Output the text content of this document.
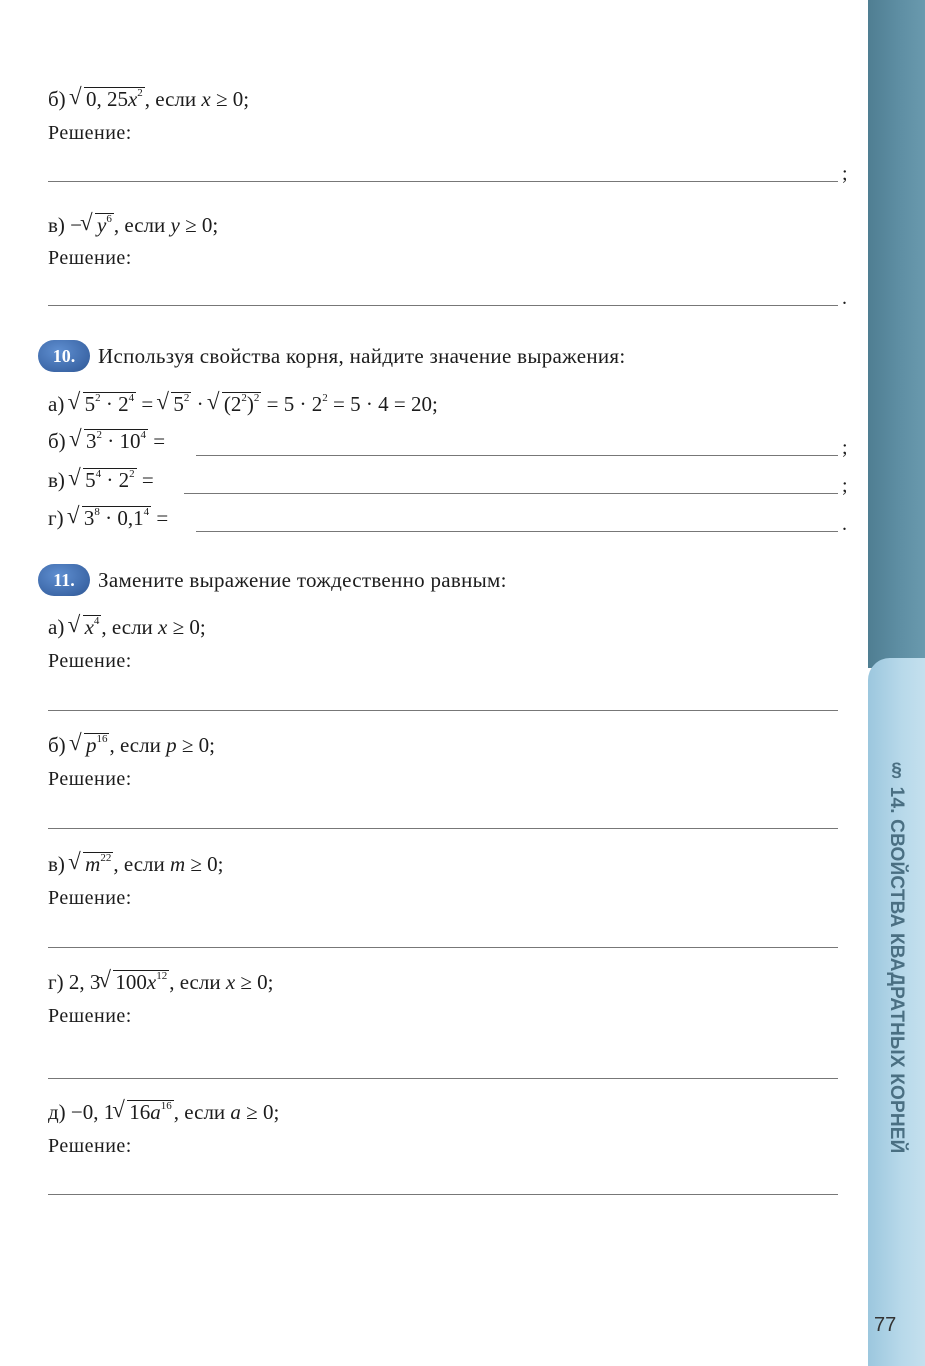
§ 14. СВОЙСТВА КВАДРАТНЫХ КОРНЕЙ
77
б) √ 0, $25x^2$, если x ≥ 0;
Решение:
;
в) − √ $y^6$, если y ≥ 0;
Решение:
.
10.	Используя свойства корня, найдите значение выражения:
а) √ $5^2 \cdot 2^4$ = √ $5^2$ · √ $(2^2)^2 = 5 \cdot 2^2 = 5 \cdot 4 = 20$;
б) √ $3^2 \cdot 10^4$ =	;
в) √ $5^4 \cdot 2^2$ =	;
г) √ $3^8 \cdot 0,1^4$ =	.
11.	Замените выражение тождественно равным:
а) √ $x^4$, если x ≥ 0;
Решение:
б) √ $p^{16}$, если p ≥ 0;
Решение:
в) √ $m^{22}$, если m ≥ 0;
Решение:
г) 2, 3 √ $100x^{12}$, если x ≥ 0;
Решение:
д) −0, 1 √ $16a^{16}$, если a ≥ 0;
Решение:
